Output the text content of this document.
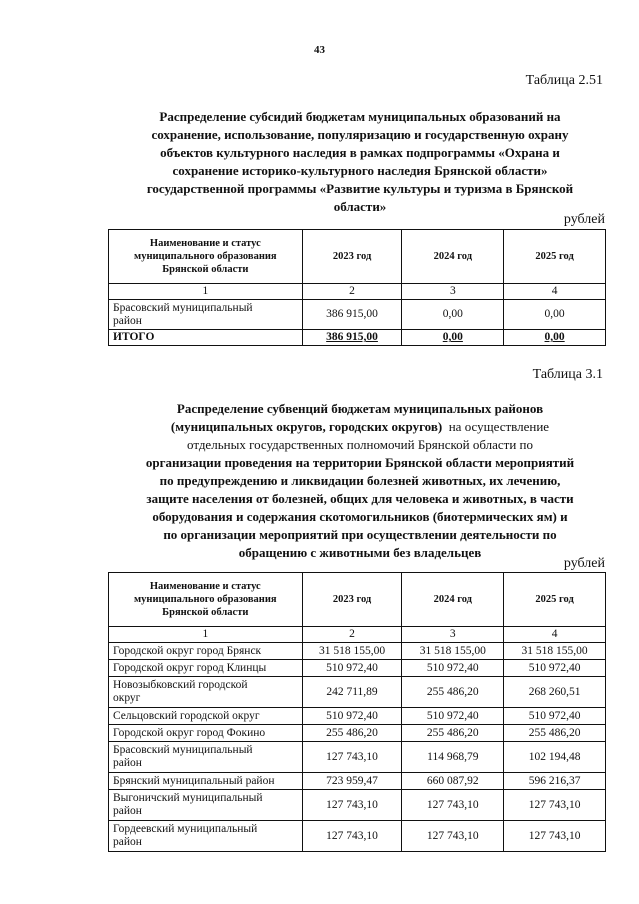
43
Таблица 2.51
Распределение субсидий бюджетам муниципальных образований на
сохранение, использование, популяризацию и государственную охрану
объектов культурного наследия в рамках подпрограммы «Охрана и
сохранение историко-культурного наследия Брянской области»
государственной программы «Развитие культуры и туризма в Брянской
области»
рублей
Наименование и статус
муниципального образования
Брянской области	2023 год	2024 год	2025 год
1	2	3	4

Брасовский муниципальный
район	386 915,00	0,00	0,00
ИТОГО	386 915,00	0,00	0,00
Таблица 3.1
Распределение субвенций бюджетам муниципальных районов
(муниципальных округов, городских округов) на осуществление
отдельных государственных полномочий Брянской области по
организации проведения на территории Брянской области мероприятий
по предупреждению и ликвидации болезней животных, их лечению,
защите населения от болезней, общих для человека и животных, в части
оборудования и содержания скотомогильников (биотермических ям) и
по организации мероприятий при осуществлении деятельности по
обращению с животными без владельцев
рублей
Наименование и статус
муниципального образования
Брянской области	2023 год	2024 год	2025 год
1	2	3	4

Городской округ город Брянск	31 518 155,00	31 518 155,00	31 518 155,00

Городской округ город Клинцы	510 972,40	510 972,40	510 972,40

Новозыбковский городской
округ	242 711,89	255 486,20	268 260,51

Сельцовский городской округ	510 972,40	510 972,40	510 972,40

Городской округ город Фокино	255 486,20	255 486,20	255 486,20

Брасовский муниципальный
район	127 743,10	114 968,79	102 194,48

Брянский муниципальный район	723 959,47	660 087,92	596 216,37

Выгоничский муниципальный
район	127 743,10	127 743,10	127 743,10

Гордеевский муниципальный
район	127 743,10	127 743,10	127 743,10
